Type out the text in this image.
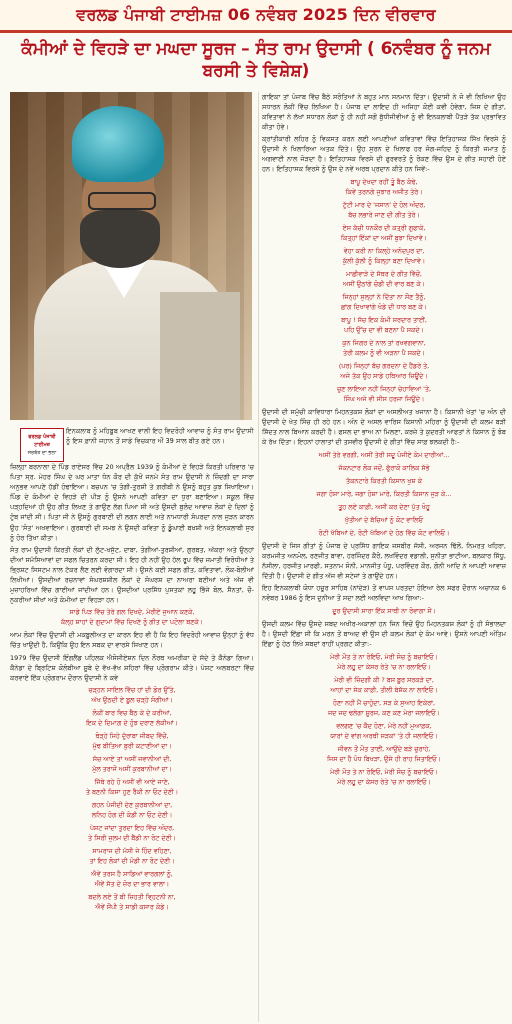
ਵਰਲਡ ਪੰਜਾਬੀ ਟਾਈਮਜ਼ 06 ਨਵੰਬਰ 2025 ਦਿਨ ਵੀਰਵਾਰ
ਕੰਮੀਆਂ ਦੇ ਵਿਹੜੇ ਦਾ ਮਘਦਾ ਸੂਰਜ – ਸੰਤ ਰਾਮ ਉਦਾਸੀ ( 6ਨਵੰਬਰ ਨੂੰ ਜਨਮ ਬਰਸੀ ਤੇ ਵਿਸ਼ੇਸ਼)
ਵਰਲਡ ਪੰਜਾਬੀ ਟਾਈਮਜ਼
ਸਰਬੱਤ ਦਾ ਭਲਾ
ਇਨਕਲਾਬ ਨੂੰ ਮਹਿਬੂਬ ਆਖਣ ਵਾਲੀ ਇਹ ਵਿਦਰੋਹੀ ਆਵਾਜ਼ ਨੂੰ ਸੰਤ ਰਾਮ ਉਦਾਸੀ ਨੂੰ ਇਸ ਫ਼ਾਨੀ ਜਹਾਨ ਤੋਂ ਸਾਡੇ ਵਿਚਕਾਰ ਔਂ 39 ਸਾਲ ਬੀਤ ਗਏ ਹਨ।

ਜ਼ਿਲ੍ਹਾ ਬਰਨਾਲਾ ਦੇ ਪਿੰਡ ਰਾਏਸਰ ਵਿੱਚ 20 ਅਪ੍ਰੈਲ 1939 ਨੂੰ ਕੰਮੀਆਂ ਦੇ ਵਿਹੜੇ ਕਿਰਤੀ ਪਰਿਵਾਰ 'ਚ ਪਿਤਾ ਸ੍ਰ. ਮੇਹਰ ਸਿੰਘ ਦੇ ਘਰ ਮਾਤਾ ਧੰਨ ਕੌਰ ਦੀ ਕੁੱਖੋਂ ਜਨਮੇ ਸੰਤ ਰਾਮ ਉਦਾਸੀ ਨੇ ਜ਼ਿੰਦਗੀ ਦਾ ਸਾਰਾ ਅਨੁਭਵ ਆਪਣੇ ਹੱਡੀਂ ਹੰਢਾਇਆ। ਬਚਪਨ 'ਚ ਤੰਗੀ-ਤੁਰਸ਼ੀ ਤੇ ਗ਼ਰੀਬੀ ਨੇ ਉਸਨੂੰ ਬਹੁਤ ਕੁਝ ਸਿਖਾਇਆ। ਪਿੰਡ ਦੇ ਕੰਮੀਆਂ ਦੇ ਵਿਹੜੇ ਦੀ ਪੀੜ ਨੂੰ ਉਸਨੇ ਆਪਣੀ ਕਵਿਤਾ ਦਾ ਧੁਰਾ ਬਣਾਇਆ। ਸਕੂਲ ਵਿੱਚ ਪੜ੍ਹਦਿਆਂ ਹੀ ਉਹ ਗੀਤ ਲਿਖਣ ਤੇ ਗਾਉਣ ਲੱਗ ਪਿਆ ਸੀ ਅਤੇ ਉਸਦੀ ਬੁਲੰਦ ਆਵਾਜ਼ ਲੋਕਾਂ ਦੇ ਦਿਲਾਂ ਨੂੰ ਟੁੰਬ ਜਾਂਦੀ ਸੀ। ਪਿਤਾ ਜੀ ਨੇ ਉਸਨੂੰ ਗੁਰਬਾਣੀ ਦੀ ਲਗਨ ਲਾਈ ਅਤੇ ਨਾਮਧਾਰੀ ਸੰਪਰਦਾ ਨਾਲ ਜੁੜਨ ਕਾਰਨ ਉਹ 'ਸੰਤ' ਅਖਵਾਇਆ। ਗੁਰਬਾਣੀ ਦੀ ਸਮਝ ਨੇ ਉਸਦੀ ਕਵਿਤਾ ਨੂੰ ਡੂੰਘਾਈ ਬਖ਼ਸ਼ੀ ਅਤੇ ਇਨਕਲਾਬੀ ਸੁਰ ਨੂੰ ਹੋਰ ਤਿੱਖਾ ਕੀਤਾ।

ਸੰਤ ਰਾਮ ਉਦਾਸੀ ਕਿਰਤੀ ਲੋਕਾਂ ਦੀ ਲੁੱਟ-ਖਸੁੱਟ, ਦਾਬਾ, ਤੰਗੀਆਂ-ਤੁਰਸ਼ੀਆਂ, ਗੁਰਬਤ, ਅੱਕਰਾ ਅਤੇ ਉਨ੍ਹਾਂ ਦੀਆਂ ਸਮੱਸਿਆਵਾਂ ਦਾ ਸਫਲ ਚਿਤਰਨ ਕਰਦਾ ਸੀ। ਇਹ ਹੀ ਨਹੀਂ ਉਹ ਹੱਲ ਰੂਪ ਵਿੱਚ ਜਮਾਤੀ ਵਿਰੋਧੀਆਂ ਤੇ ਭ੍ਰਿਸ਼ਟ ਸਿਸਟਮ ਨਾਲ ਟੱਕਰ ਲੈਣ ਲਈ ਵੰਗਾਰਦਾ ਸੀ। ਉਸਨੇ ਕਈ ਸਫਲ ਗੀਤ, ਕਵਿਤਾਵਾਂ, ਲੋਕ-ਬੋਲੀਆਂ ਲਿਖੀਆਂ। ਉਸਦੀਆਂ ਰਚਨਾਵਾਂ ਸੰਘਰਸ਼ਸ਼ੀਲ ਲੋਕਾਂ ਦੇ ਸੰਘਰਸ਼ ਦਾ ਨਾਅਰਾ ਬਣੀਆਂ ਅਤੇ ਅੱਜ ਵੀ ਮੁਜ਼ਾਹਰਿਆਂ ਵਿੱਚ ਗਾਈਆਂ ਜਾਂਦੀਆਂ ਹਨ। ਉਸਦੀਆਂ ਪ੍ਰਸਿੱਧ ਪੁਸਤਕਾਂ ਲਹੂ ਭਿੱਜੇ ਬੋਲ, ਸੈਨਤਾਂ, ਚੌ-ਨੁਕਰੀਆਂ ਸੀਖਾਂ ਅਤੇ ਕੰਮੀਆਂ ਦਾ ਵਿਹੜਾ ਹਨ।

ਸਾਡੇ ਪਿੜ ਵਿੱਚ ਤੇਰੇ ਗਲ ਦਿਖਦੇ, ਮੇਰੀਏ ਜੁਆਨ ਕਣਕੇ,
ਕੱਲ੍ਹ ਸ਼ਾਹਾਂ ਦੇ ਗੁਦਾਮਾਂ ਵਿੱਚ ਦਿਖਣੇ ਨੂੰ ਗੀਤ ਦਾ ਪਟੋਲਾ ਬਣਕੇ।

ਆਮ ਲੋਕਾਂ ਵਿੱਚ ਉਦਾਸੀ ਦੀ ਮਕਬੂਲੀਅਤ ਦਾ ਕਾਰਨ ਇਹ ਵੀ ਹੈ ਕਿ ਇਹ ਵਿਦਰੋਹੀ ਆਵਾਜ਼ ਉਨ੍ਹਾਂ ਨੂੰ ਵੱਧ ਚਿੱਤ ਖਾਉਂਦੀ ਹੈ, ਕਿਉਂਕਿ ਉਹ ਇਨ ਸਬਕ ਦਾ ਵਾਰਸੇ ਸਿਖਾਣ ਹਨ।

1979 ਵਿੱਚ ਉਦਾਸੀ ਇੰਗਲੈਂਡ ਪਹਿਲਕ ਐਸੋਸੀਏਸ਼ਨ ਦਿਨ ਨੌਰਥ ਅਮਰੀਕਾ ਦੇ ਸੱਦੇ ਤੇ ਕੈਨੇਡਾ ਗਿਆ। ਕੈਨੇਡਾ ਦੇ ਬ੍ਰਿਟਿਸ਼ ਕੋਲੰਬੀਆ ਸੂਬੇ ਦੇ ਵੱਖ-ਵੱਖ ਸ਼ਹਿਰਾਂ ਵਿੱਚ ਪ੍ਰੋਗਰਾਮ ਕੀਤੇ। ਪੇਸ਼ਟ ਅਲਬਰਟਾ ਵਿੱਚ ਕਰਵਾਏ ਇੱਕ ਪ੍ਰੋਗਰਾਮ ਦੌਰਾਨ ਉਦਾਸੀ ਨੇ ਕਵੇ

ਚੜ੍ਹਨ ਸਾਇਲ ਵਿੱਚ ਹਾਂ ਦੀ ਡੋਰ ਉੱਤੇ,
ਅੱਖ ਉਠਦੀ ਏ ਬੂਲ ਚੜ੍ਹੇ ਸੰਗੀਆਂ।
ਲੋਕੀਂ ਬਾਰ ਵਿਚ ਬੈਠ ਕੇ ਦੇ ਕਰੀਆਂ,
ਇਕ ਦੇ ਦਿਮਾਗ਼ ਦੇ ਹੁੰਝ ਦਰਾਣ ਲੱਕੀਆਂ।
ਥੋੜ੍ਹੇ ਜਿਹੇ ਦੁੱਰਾਬਾ ਜੀਬਦ ਵਿੱਚੋਂ,
ਮੁੱਢ ਬੀਤਿਆ ਬੁਰੀ ਕਟਾਣੀਆਂ ਦਾ।
ਸੱਚ ਆਏ ਤਾਂ ਅਸੀਂ ਜਵਾਨੀਆਂ ਦੀ,
ਮੁੱਲ ਤਰਾਜੋਂ ਅਸੀਂ ਕੁਰਬਾਨੀਆਂ ਦਾ।
ਜਿੱਥੇ ਰਹੇ ਹੋ ਅਸੀਂ ਵੀ ਆਏ ਜਾਣੇ,
ਤੇ ਬਣਨੀ ਕਿਸਾ ਹੁਣ ਰੈਕੀ ਨਾ ਓਟ ਦੇਣੀ।
ਗਹਨ ਪੰਜੀਦੀ ਦੇਣ ਕੁਰਬਾਨੀਆਂ ਦਾ,
ਲਨਿਹ ਹੋਗ ਦੀ ਕੰਡੀ ਨਾ ਓਟ ਦੇਣੀ।
ਪੇਸ਼ਟ ਜਾਂਦਾ ਤੁਰਦਾ ਇਹ ਵਿੱਚ ਅੰਦਰ,
ਤੇ ਸਿਰੀ ਜੁਲਮ ਦੀ ਬੈਂਡੀ ਨਾ ਰੋਟ ਦੇਣੀ।
ਸਾਮਰਾਜ ਦੀ ਮੱਸੀ ਜੇ ਹਿੰਦ ਵਹਿਣਾ,
ਤਾਂ ਇਹ ਲੋਕਾਂ ਦੀ ਮੰਡੀ ਨਾ ਰੋਟ ਦੇਣੀ।
ਐਵੇਂ ਤਰਸ ਹੈ ਸਾਡਿਆਂ ਵਾਰਗਲਾਂ ਨੂੰ,
ਐਵੇਂ ਸੱਤ ਦੇ ਜ਼ੋਰ ਦਾ ਭਾਰ ਵਾਲਾ।
ਬਦਲੇ ਲਏ ਤੋਂ ਬੀ ਜ਼ਿਹਤੀ ਵ੍ਹਿਟਨੀ ਨਾ,
ਐਵੇਂ ਸੌਂਪੀ ਤੇ ਸਾਡੀ ਕਸਾਰ ਕੰਡੇ।

ਗਾਇਕਾ ਤਾਂ ਪੰਜਾਬ ਵਿੱਚ ਬੈਠੇ ਸਰੋਤਿਆਂ ਨੇ ਬਹੁਤ ਮਾਨ ਸਨਮਾਨ ਦਿੱਤਾ। ਉਦਾਸੀ ਨੇ ਜੋ ਵੀ ਲਿਖਿਆ ਉਹ ਸਧਾਰਨ ਲੋਕੀਂ ਵਿੱਚ ਲਿਖਿਆ ਹੈ। ਪੰਜਾਬ ਦਾ ਲਾਇਦ ਹੀ ਅਜਿਹਾ ਕੋਈ ਕਵੀ ਹੋਵੇਗਾ, ਜਿਸ ਦੇ ਗੀਤਾਂ, ਕਵਿਤਾਵਾਂ ਨੇ ਲੱਖਾਂ ਸਧਾਰਨ ਲੋਕਾਂ ਨੂੰ ਹੀ ਨਹੀਂ ਸਗੋਂ ਬੁੱਧੀਜੀਵੀਆਂ ਨੂੰ ਵੀ ਇਨਕਲਾਬੀ ਪੈਂਤੜੇ ਤੱਕ ਪ੍ਰਭਾਵਿਤ ਕੀਤਾ ਹੋਵੇ।

ਕ੍ਰਾਂਤੀਕਾਰੀ ਲਹਿਰ ਨੂੰ ਵਿਕਸਤ ਕਰਨ ਲਈ ਆਪਣੀਆਂ ਕਵਿਤਾਵਾਂ ਵਿੱਚ ਇਤਿਹਾਸਕ ਸਿੱਖ ਵਿਰਸੇ ਨੂੰ ਉਦਾਸੀ ਨੇ ਖਿਲਾਰਿਆ ਅਤਕ ਦਿੱਤੇ। ਉਹ ਸੁਰਨ ਦੇ ਖਿਲਾਫ ਹਰ ਜੰਗ-ਜਹਿਦ ਨੂੰ ਕਿਰਤੀ ਜਮਾਤ ਨੂੰ ਅਗਵਾਈ ਨਾਲ ਜੋੜਦਾ ਹੈ। ਇਤਿਹਾਸਕ ਵਿਰਸੇ ਦੀ ਫੁਰਵਰਤੋਂ ਨੂੰ ਰੋਕਣ ਵਿੱਚ ਉਸ ਦੇ ਗੀਤ ਸਹਾਈ ਹੋਏ ਹਨ। ਇਤਿਹਾਸਕ ਵਿਰਸੇ ਨੂੰ ਉਸ ਦੇ ਨਵੇਂ ਅਰਥ ਪ੍ਰਦਾਨ ਕੀਤੇ ਹਨ ਜਿਵੇਂ:-

ਬਾਪੂ ਦੇਖਦਾ ਰਹੀਂ ਤੂੰ ਬੈਠ ਕੰਢੇ,
ਕਿਵੇਂ ਤਰਨਗੇ ਜੁਝਾਰ ਅਜੀਤ ਤੇਰੇ।
ਟੁੱਟੀ ਮਾਰ ਦੇ 'ਜਸਾਨ' ਦੇ ਹੋਲ ਅੰਦਰ,
ਬੱਚ ਲਭਾਰੇ ਜਾਣ ਦੀ ਗੀਤ ਤੇਰੇ।
ਏਸ ਕੱਚੀ ਧਨਕੌਰ ਦੀ ਕਤ੍ਰੀ ਗੁਫਾਕੇ,
ਕਿਤ੍ਹਾਂ ਇੱਕਾਂ ਦਾ ਅਸੀਂ ਬੁਝਾ ਦਿਖਾਵੇ।
ਵੇਹਾ ਕਰੀ ਨਾ ਕਿਲ੍ਹੇ ਅਨੰਦਪੁਰ ਦਾ,
ਕੁੱਲੀ ਕੁੱਲੀ ਨੂੰ ਕਿਲ੍ਹਾ ਬਣਾ ਦਿਖਾਵੇ।
ਮਾਛੀਵਾੜੇ ਦੇ ਸੱਥਰ ਦੇ ਗੀਤ ਵਿੱਚੋਂ,
ਅਸੀਂ ਉਠਾਂਗੇ ਚੰਡੀ ਦੀ ਵਾਰ ਬਣ ਕੇ।
ਜਿਨ੍ਹਾਂ ਸੁਲ੍ਹਾਂ ਨੇ ਦਿੱਤਾ ਨਾ ਸੌਣ ਤੈਨੂੰ,
ਛਾਂਗ ਦਿਖਾਵਾਂਗੇ ਖੰਡੇ ਦੀ ਧਾਰ ਬਣ ਕੇ।
ਬਾਪੂ ! ਸੱਚ ਇਕ ਕੰਮੀ ਸਰਦਾਰ ਤਾਈਂ,
ਪਹਿ ਉੱਚ ਦਾ ਵੀ ਬਣਨਾ ਪੈ ਸਕਦੇ।
ਕੁਨ ਜਿਗਰ ਦੇ ਨਾਲ ਤਾਂ ਰਖਵਗਵਾਨਾ,
ਤੇਰੀ ਕਲਮ ਨੂੰ ਵੀ ਅੜਨਾ ਪੈ ਸਕਦੇ।
(ਪਰ) ਜਿਨ੍ਹਾਂ ਬੱਚ ਗਰਦਨਾ ਦੇ ਹੈਂਡਰੇ ਤੇ,
ਅਜੇ ਤੱਕ ਉਹ ਸਾਡੇ ਹਥਿਆਰ ਜ਼ਿਊਂਦੇ।
ਚੁਣ ਲਾਇਆ ਨਹੀਂ ਜਿਨ੍ਹਾਂ ਚੇਹਾਵਿਆਂ 'ਤੇ,
ਸਿੰਘ ਅਜੇ ਵੀ ਸੀਸ ਹਰਜਾ ਜਿਊਂਦੇ।

ਉਦਾਸੀ ਦੀ ਸਮੁੱਚੀ ਕਾਵਿਧਾਰਾ ਮਿਹਨਤਕਸ਼ ਲੋਕਾਂ ਦਾ ਅਸਲੀਅਤ ਖਜਾਨਾ ਹੈ। ਕਿਸਾਨੀ ਖੇਤਾਂ 'ਚ ਅੰਨ ਦੀ ਉਦਾਸੀ ਦੇ ਖੇਤ ਸਿੰਚ ਹੀ ਰਹੇ ਹਨ। ਅੰਨ ਦੇ ਅਸਲ ਵਾਰਿਸ ਕਿਸਾਨੀ ਮਹਿਰਾ ਨੂੰ ਉਦਾਸੀ ਦੀ ਕਲਮ ਬੜੀ ਸ਼ਿੱਦਤ ਨਾਲ ਬਿਆਨ ਕਰਦੀ ਹੈ। ਫਸਲ ਦਾ ਭਾਅ ਨਾ ਮਿਲਣਾ, ਕਰਜ਼ੇ ਤੇ ਕੁਦਰਤੀ ਆਫਤਾਂ ਨੇ ਕਿਸਾਨ ਨੂੰ ਝੰਬ ਕੇ ਰੱਖ ਦਿੱਤਾ। ਇਹਨਾਂ ਹਾਲਾਤਾਂ ਦੀ ਤਸਵੀਰ ਉਦਾਸੀ ਦੇ ਗੀਤਾਂ ਵਿੱਚ ਸਾਫ਼ ਝਲਕਦੀ ਹੈ:-

ਅਸੀਂ ਤੇਰੇ ਵਰਗੀ, ਅਸੀਂ ਤੇਰੀ ਸਦੂ ਪੰਜੀਏ ਕੰਮ ਦਾਰੀਆਂ...
ਜੱਕਨਟਾਰ ਲੋਕ ਜਦੋਂ, ਫੁੱਰਾਕੋ ਕਾਲਿਕ ਸੱਭੇ
ਤੱਕਨਟਾਰੇ ਕਿਰਤੀ ਕਿਸਾਨ ਖੁਸ਼ ਕੇ
ਜਗਾ ਹੋਸ਼ਾ ਮਾਰੇ, ਜਗਾ ਹੋਸ਼ਾ ਮਾਰੇ, ਕਿਰਤੀ ਕਿਸਾਨ ਜੁੜ ਕੇ...
ਤੂਹ ਲਏ ਕਾਫ਼ੀ, ਅਸੀਂ ਕਰ ਦੇਣਾ ਪੁੱਤ ਖੋਹੂ
ਖੁੱਤੀਆਂ ਦੇ ਬੱਚਿਆਂ ਨੂੰ ਕੋਟ ਵਾਲਿਓ
ਰੋਟੀ ਖੱਬਿਆਂ ਦੇ, ਰੋਟੀ ਖੱਬਿਆਂ ਦੇ ਹੋਠ ਵਿੱਚ ਕੋਟ ਵਾਲਿਓ।

ਉਦਾਸੀ ਦੇ ਜਿਸ ਗੀਤਾਂ ਨੂੰ ਪੰਜਾਬ ਦੇ ਪ੍ਰਸਿੱਧ ਗਾਇਕ ਜਸਬੀਰ ਜੱਸੀ, ਅਰਜਨ ਢਿੱਲੋਂ, ਨਿਮਰਤ ਖਹਿਰਾ, ਕਰਮਜੀਤ ਅਨਮੋਲ, ਰਣਜੀਤ ਬਾਵਾ, ਹਰਜਿੰਦਰ ਕੈਰੋਂ, ਲਖਵਿੰਦਰ ਵਡਾਲੀ, ਸੁਨੀਤਾ ਭਾਟੀਆ, ਬਲਕਾਰ ਸਿੱਧੂ, ਨੱਸੀਲਾ, ਹਰਜੀਤ ਮਾਰਫੀ, ਸਤਨਾਮ ਸੋਨੀ, ਮਾਨਜੀਤ ਪੰਧੂ, ਪਰਵਿੰਦਰ ਕੌਰ, ਗੋਨੀ ਆਦਿ ਨੇ ਆਪਣੀ ਆਵਾਜ਼ ਦਿੱਤੀ ਹੈ। ਉਦਾਸੀ ਦੇ ਗੀਤ ਅੱਜ ਵੀ ਸਟੇਜਾਂ ਤੇ ਗਾਉਂਦੇ ਹਨ।

ਇਹ ਇਨਕਲਾਬੀ ਯੋਧਾ ਹਜ਼ੂਰ ਸਾਹਿਬ (ਨਾਂਦੇੜ) ਤੋਂ ਵਾਪਸ ਪਰਤਦਾ ਹੋਇਆ ਰੇਲ ਸਫਰ ਦੌਰਾਨ ਅਚਾਨਕ 6 ਨਵੰਬਰ 1986 ਨੂੰ ਇਸ ਦੁਨੀਆ ਤੋਂ ਸਦਾ ਲਈ ਅਲਵਿਦਾ ਆਖ ਗਿਆ:-

ਦੂਰ ਉਦਾਸੀ ਸਾਰਾ ਇੱਕ ਸਾਥੀ ਨਾ ਰੋਵਾਗਾ ਸੋਂ।

ਉਸਦੀ ਕਲਮ ਵਿੱਚ ਉਸਦੇ ਸਬਦ ਅਖੀਰ-ਅਕਾਲਾਂ ਹਨ ਜਿਨ ਵਿਚੋਂ ਉਹ ਮਿਹਨਤਕਸ਼ ਲੋਕਾਂ ਨੂੰ ਹੀ ਸੰਭਾਲਦਾ ਹੈ। ਉਸਦੀ ਇੱਛਾ ਸੀ ਕਿ ਮਰਨ ਤੋਂ ਬਾਅਦ ਵੀ ਉਸ ਦੀ ਕਲਮ ਲੋਕਾਂ ਦੇ ਕੰਮ ਆਵੇ। ਉਸਨੇ ਆਪਣੀ ਅੰਤਿਮ ਇੱਛਾ ਨੂੰ ਹੇਠ ਲਿਖੇ ਸ਼ਬਦਾਂ ਰਾਹੀਂ ਪ੍ਰਗਟ ਕੀਤਾ:-

ਮੇਰੀ ਮੌਤ ਤੇ ਨਾ ਰੋਇਓ, ਮੇਰੀ ਸੋਚ ਨੂੰ ਬਚਾਇਓ।
ਮੇਰੇ ਲਹੂ ਦਾ ਕੇਸਰ ਰੇਤੇ 'ਚ ਨਾ ਰਲਾਇਓ।
ਮੇਰੀ ਵੀ ਜ਼ਿੰਦਗੀ ਕੀ ? ਬਸ ਬੂਰ ਸਰਕੜੇ ਦਾ,
ਆਹਾਂ ਦਾ ਸੇਕ ਕਾਫ਼ੀ, ਤੀਲੀ ਬੇਸ਼ੱਕ ਨਾ ਲਾਇਓ।
ਹੋਣਾ ਨਹੀਂ ਮੈਂ ਚਾਹੁੰਦਾ, ਸੜ ਕੇ ਸੁਆਹ ਇਕੇਰਾਂ,
ਜਦ ਜਦ ਢਲੇਗਾ ਸੂਰਜ, ਕਣ ਕਣ ਮੇਰਾ ਜਲਾਇਓ।
ਵਲਗਣ 'ਚ ਕੈਦ ਹੋਣਾ, ਮੇਰੇ ਨਹੀਂ ਮੁਆਫ਼ਕ,
ਯਾਰਾਂ ਦੇ ਵਾਂਗ ਅਰਥੀ ਸੜਕਾਂ 'ਤੇ ਹੀ ਜਲਾਇਓ।
ਜੀਵਨ ਤੋਂ ਮੌਤ ਤਾਈਂ, ਆਉਂਦੇ ਬੜੇ ਚੁਰਾਹੇ,
ਜਿਸ ਦਾ ਹੈ ਪੰਧ ਬਿਖੜਾ, ਉਸੇ ਹੀ ਰਾਹ ਜਿਤਾਇਓ।
ਮੇਰੀ ਮੌਤ ਤੇ ਨਾ ਰੋਇਓ, ਮੇਰੀ ਸੋਚ ਨੂੰ ਬਚਾਇਓ।
ਮੇਰੇ ਲਹੂ ਦਾ ਕੇਸਰ ਰੇਤੇ 'ਚ ਨਾ ਰਲਾਇਓ।
